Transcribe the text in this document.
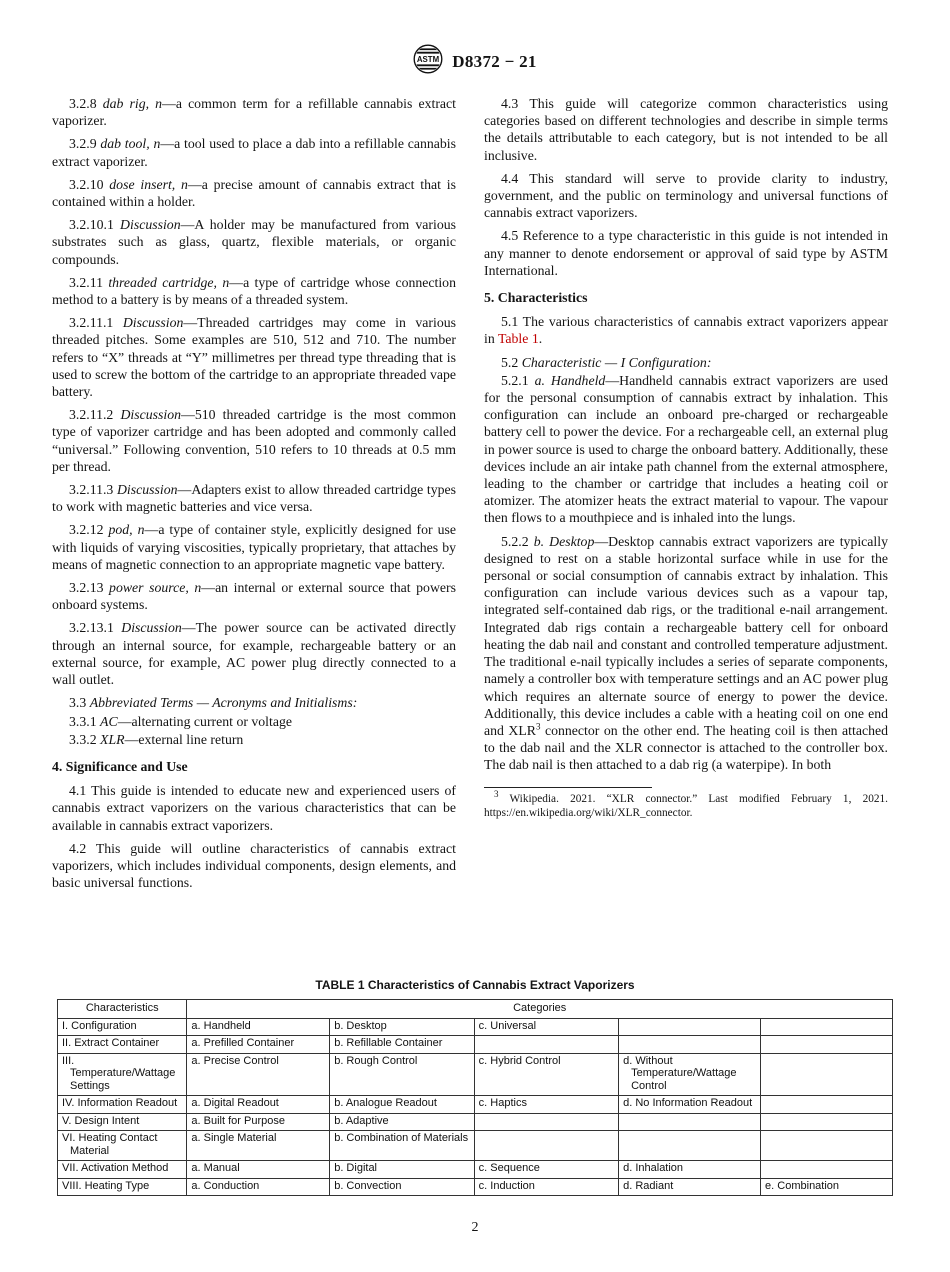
ASTM D8372 − 21

3.2.8 dab rig, n—a common term for a refillable cannabis extract vaporizer.

3.2.9 dab tool, n—a tool used to place a dab into a refillable cannabis extract vaporizer.

3.2.10 dose insert, n—a precise amount of cannabis extract that is contained within a holder.

3.2.10.1 Discussion—A holder may be manufactured from various substrates such as glass, quartz, flexible materials, or organic compounds.

3.2.11 threaded cartridge, n—a type of cartridge whose connection method to a battery is by means of a threaded system.

3.2.11.1 Discussion—Threaded cartridges may come in various threaded pitches. Some examples are 510, 512 and 710. The number refers to “X” threads at “Y” millimetres per thread type threading that is used to screw the bottom of the cartridge to an appropriate threaded vape battery.

3.2.11.2 Discussion—510 threaded cartridge is the most common type of vaporizer cartridge and has been adopted and commonly called “universal.” Following convention, 510 refers to 10 threads at 0.5 mm per thread.

3.2.11.3 Discussion—Adapters exist to allow threaded cartridge types to work with magnetic batteries and vice versa.

3.2.12 pod, n—a type of container style, explicitly designed for use with liquids of varying viscosities, typically proprietary, that attaches by means of magnetic connection to an appropriate magnetic vape battery.

3.2.13 power source, n—an internal or external source that powers onboard systems.

3.2.13.1 Discussion—The power source can be activated directly through an internal source, for example, rechargeable battery or an external source, for example, AC power plug directly connected to a wall outlet.

3.3 Abbreviated Terms — Acronyms and Initialisms:

3.3.1 AC—alternating current or voltage

3.3.2 XLR—external line return

4. Significance and Use

4.1 This guide is intended to educate new and experienced users of cannabis extract vaporizers on the various characteristics that can be available in cannabis extract vaporizers.

4.2 This guide will outline characteristics of cannabis extract vaporizers, which includes individual components, design elements, and basic universal functions.

4.3 This guide will categorize common characteristics using categories based on different technologies and describe in simple terms the details attributable to each category, but is not intended to be all inclusive.

4.4 This standard will serve to provide clarity to industry, government, and the public on terminology and universal functions of cannabis extract vaporizers.

4.5 Reference to a type characteristic in this guide is not intended in any manner to denote endorsement or approval of said type by ASTM International.

5. Characteristics

5.1 The various characteristics of cannabis extract vaporizers appear in Table 1.

5.2 Characteristic — I Configuration:

5.2.1 a. Handheld—Handheld cannabis extract vaporizers are used for the personal consumption of cannabis extract by inhalation. This configuration can include an onboard pre-charged or rechargeable battery cell to power the device. For a rechargeable cell, an external plug in power source is used to charge the onboard battery. Additionally, these devices include an air intake path channel from the external atmosphere, leading to the chamber or cartridge that includes a heating coil or atomizer. The atomizer heats the extract material to vapour. The vapour then flows to a mouthpiece and is inhaled into the lungs.

5.2.2 b. Desktop—Desktop cannabis extract vaporizers are typically designed to rest on a stable horizontal surface while in use for the personal or social consumption of cannabis extract by inhalation. This configuration can include various devices such as a vapour tap, integrated self-contained dab rigs, or the traditional e-nail arrangement. Integrated dab rigs contain a rechargeable battery cell for onboard heating the dab nail and constant and controlled temperature adjustment. The traditional e-nail typically includes a series of separate components, namely a controller box with temperature settings and an AC power plug which requires an alternate source of energy to power the device. Additionally, this device includes a cable with a heating coil on one end and XLR$^3$ connector on the other end. The heating coil is then attached to the dab nail and the XLR connector is attached to the controller box. The dab nail is then attached to a dab rig (a waterpipe). In both

$^3$ Wikipedia. 2021. “XLR connector.” Last modified February 1, 2021. https://en.wikipedia.org/wiki/XLR_connector.

TABLE 1 Characteristics of Cannabis Extract Vaporizers
Characteristics	Categories				
I. Configuration	a. Handheld	b. Desktop	c. Universal		
II. Extract Container	a. Prefilled Container	b. Refillable Container			
III. Temperature/Wattage Settings	a. Precise Control	b. Rough Control	c. Hybrid Control	d. Without Temperature/Wattage Control	
IV. Information Readout	a. Digital Readout	b. Analogue Readout	c. Haptics	d. No Information Readout	
V. Design Intent	a. Built for Purpose	b. Adaptive			
VI. Heating Contact Material	a. Single Material	b. Combination of Materials			
VII. Activation Method	a. Manual	b. Digital	c. Sequence	d. Inhalation	
VIII. Heating Type	a. Conduction	b. Convection	c. Induction	d. Radiant	e. Combination
2
